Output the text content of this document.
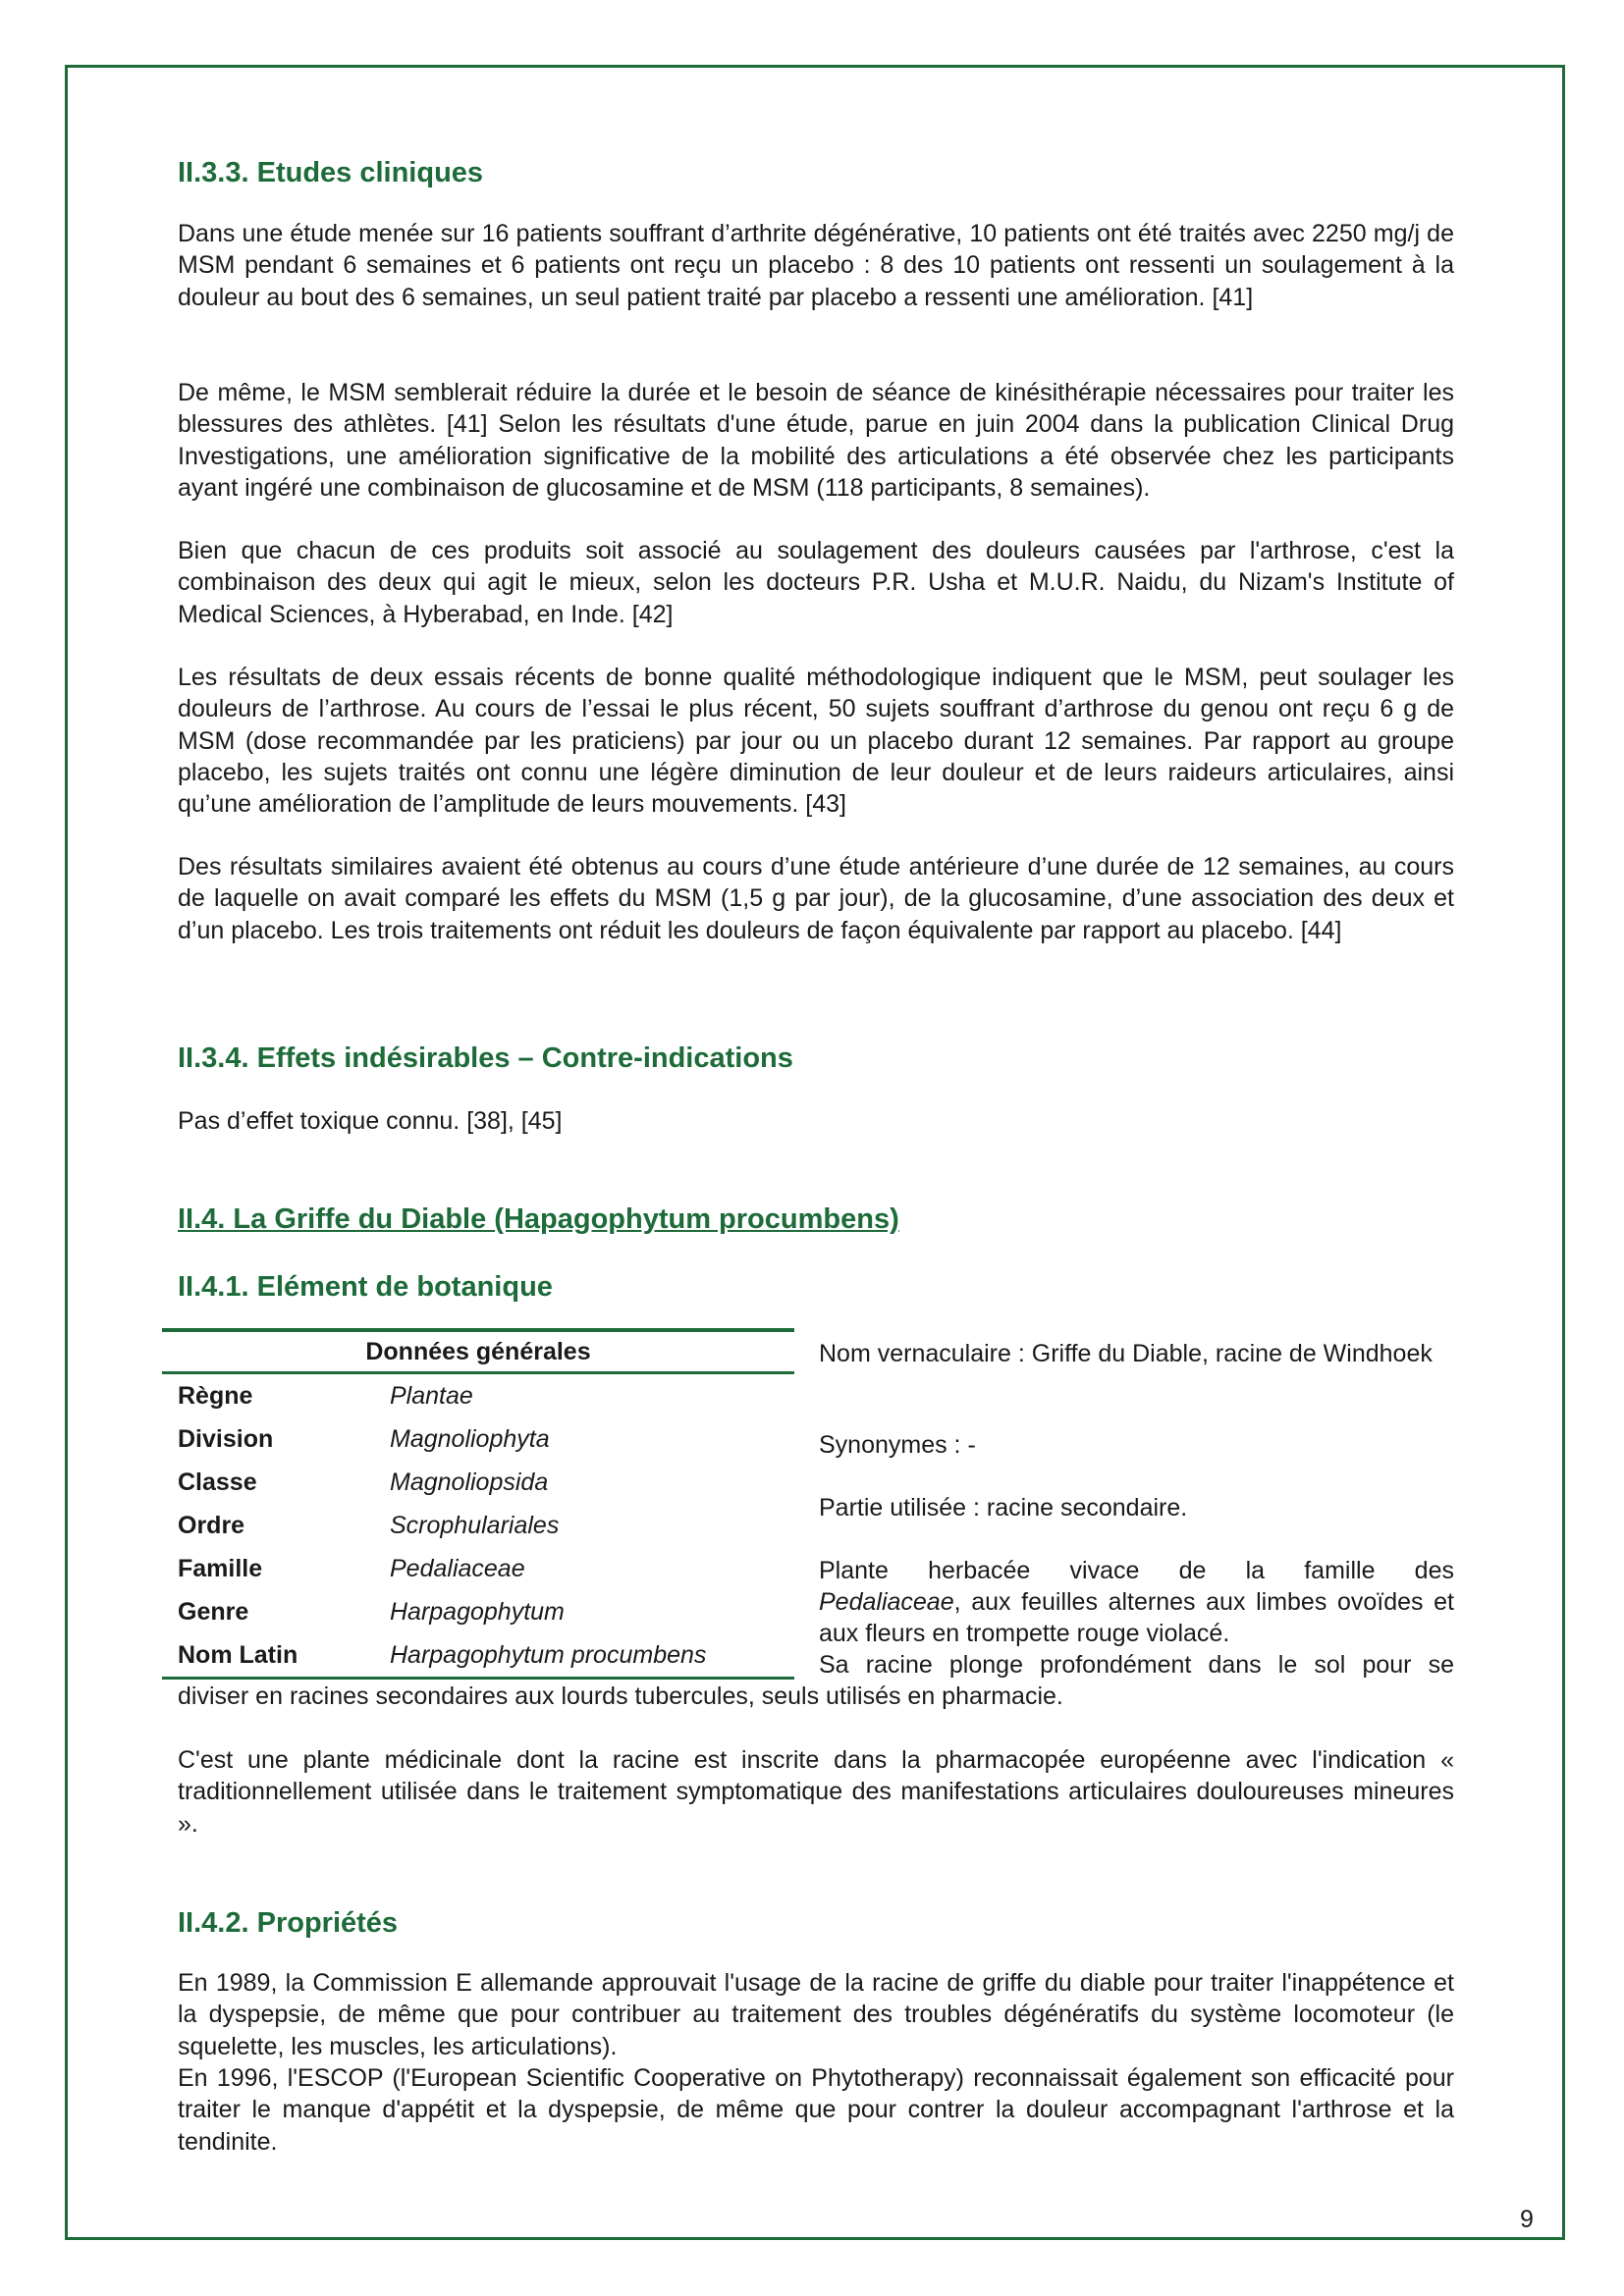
II.3.3. Etudes cliniques

Dans une étude menée sur 16 patients souffrant d’arthrite dégénérative, 10 patients ont été traités avec 2250 mg/j de MSM pendant 6 semaines et 6 patients ont reçu un placebo : 8 des 10 patients ont ressenti un soulagement à la douleur au bout des 6 semaines, un seul patient traité par placebo a ressenti une amélioration. [41]

De même, le MSM semblerait réduire la durée et le besoin de séance de kinésithérapie nécessaires pour traiter les blessures des athlètes. [41] Selon les résultats d'une étude, parue en juin 2004 dans la publication Clinical Drug Investigations, une amélioration significative de la mobilité des articulations a été observée chez les participants ayant ingéré une combinaison de glucosamine et de MSM (118 participants, 8 semaines).

Bien que chacun de ces produits soit associé au soulagement des douleurs causées par l'arthrose, c'est la combinaison des deux qui agit le mieux, selon les docteurs P.R. Usha et M.U.R. Naidu, du Nizam's Institute of Medical Sciences, à Hyberabad, en Inde. [42]

Les résultats de deux essais récents de bonne qualité méthodologique indiquent que le MSM, peut soulager les douleurs de l’arthrose. Au cours de l’essai le plus récent, 50 sujets souffrant d’arthrose du genou ont reçu 6 g de MSM (dose recommandée par les praticiens) par jour ou un placebo durant 12 semaines. Par rapport au groupe placebo, les sujets traités ont connu une légère diminution de leur douleur et de leurs raideurs articulaires, ainsi qu’une amélioration de l’amplitude de leurs mouvements. [43]

Des résultats similaires avaient été obtenus au cours d’une étude antérieure d’une durée de 12 semaines, au cours de laquelle on avait comparé les effets du MSM (1,5 g par jour), de la glucosamine, d’une association des deux et d’un placebo. Les trois traitements ont réduit les douleurs de façon équivalente par rapport au placebo. [44]

II.3.4. Effets indésirables – Contre-indications

Pas d’effet toxique connu. [38], [45]

II.4. La Griffe du Diable (Hapagophytum procumbens)
II.4.1. Elément de botanique
Données générales
Règne	Plantae
Division	Magnoliophyta
Classe	Magnoliopsida
Ordre	Scrophulariales
Famille	Pedaliaceae
Genre	Harpagophytum
Nom Latin	Harpagophytum procumbens

Nom vernaculaire : Griffe du Diable, racine de Windhoek

Synonymes : -

Partie utilisée : racine secondaire.

Plante herbacée vivace de la famille des

Pedaliaceae, aux feuilles alternes aux limbes ovoïdes et aux fleurs en trompette rouge violacé.

Sa racine plonge profondément dans le sol pour se

diviser en racines secondaires aux lourds tubercules, seuls utilisés en pharmacie.

C'est une plante médicinale dont la racine est inscrite dans la pharmacopée européenne avec l'indication « traditionnellement utilisée dans le traitement symptomatique des manifestations articulaires douloureuses mineures ».

II.4.2. Propriétés

En 1989, la Commission E allemande approuvait l'usage de la racine de griffe du diable pour traiter l'inappétence et la dyspepsie, de même que pour contribuer au traitement des troubles dégénératifs du système locomoteur (le squelette, les muscles, les articulations).

En 1996, l'ESCOP (l'European Scientific Cooperative on Phytotherapy) reconnaissait également son efficacité pour traiter le manque d'appétit et la dyspepsie, de même que pour contrer la douleur accompagnant l'arthrose et la tendinite.

9
